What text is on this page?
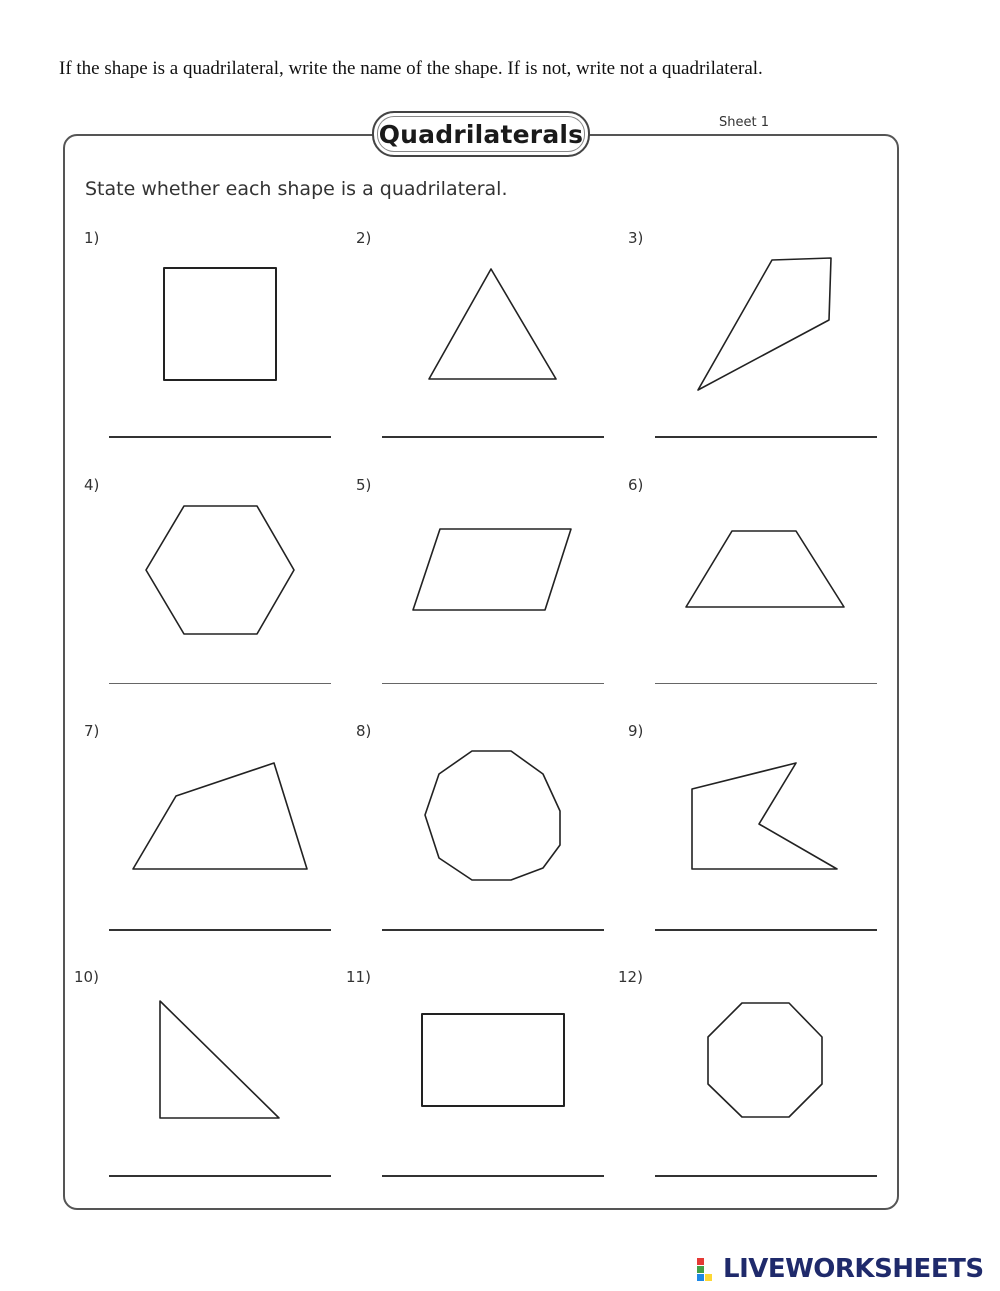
If the shape is a quadrilateral, write the name of the shape. If is not, write not a quadrilateral.
Quadrilaterals	Sheet 1
State whether each shape is a quadrilateral.
1)	2)	3)
4)	5)	6)
7)	8)	9)
10)	11)	12)
LIVEWORKSHEETS
